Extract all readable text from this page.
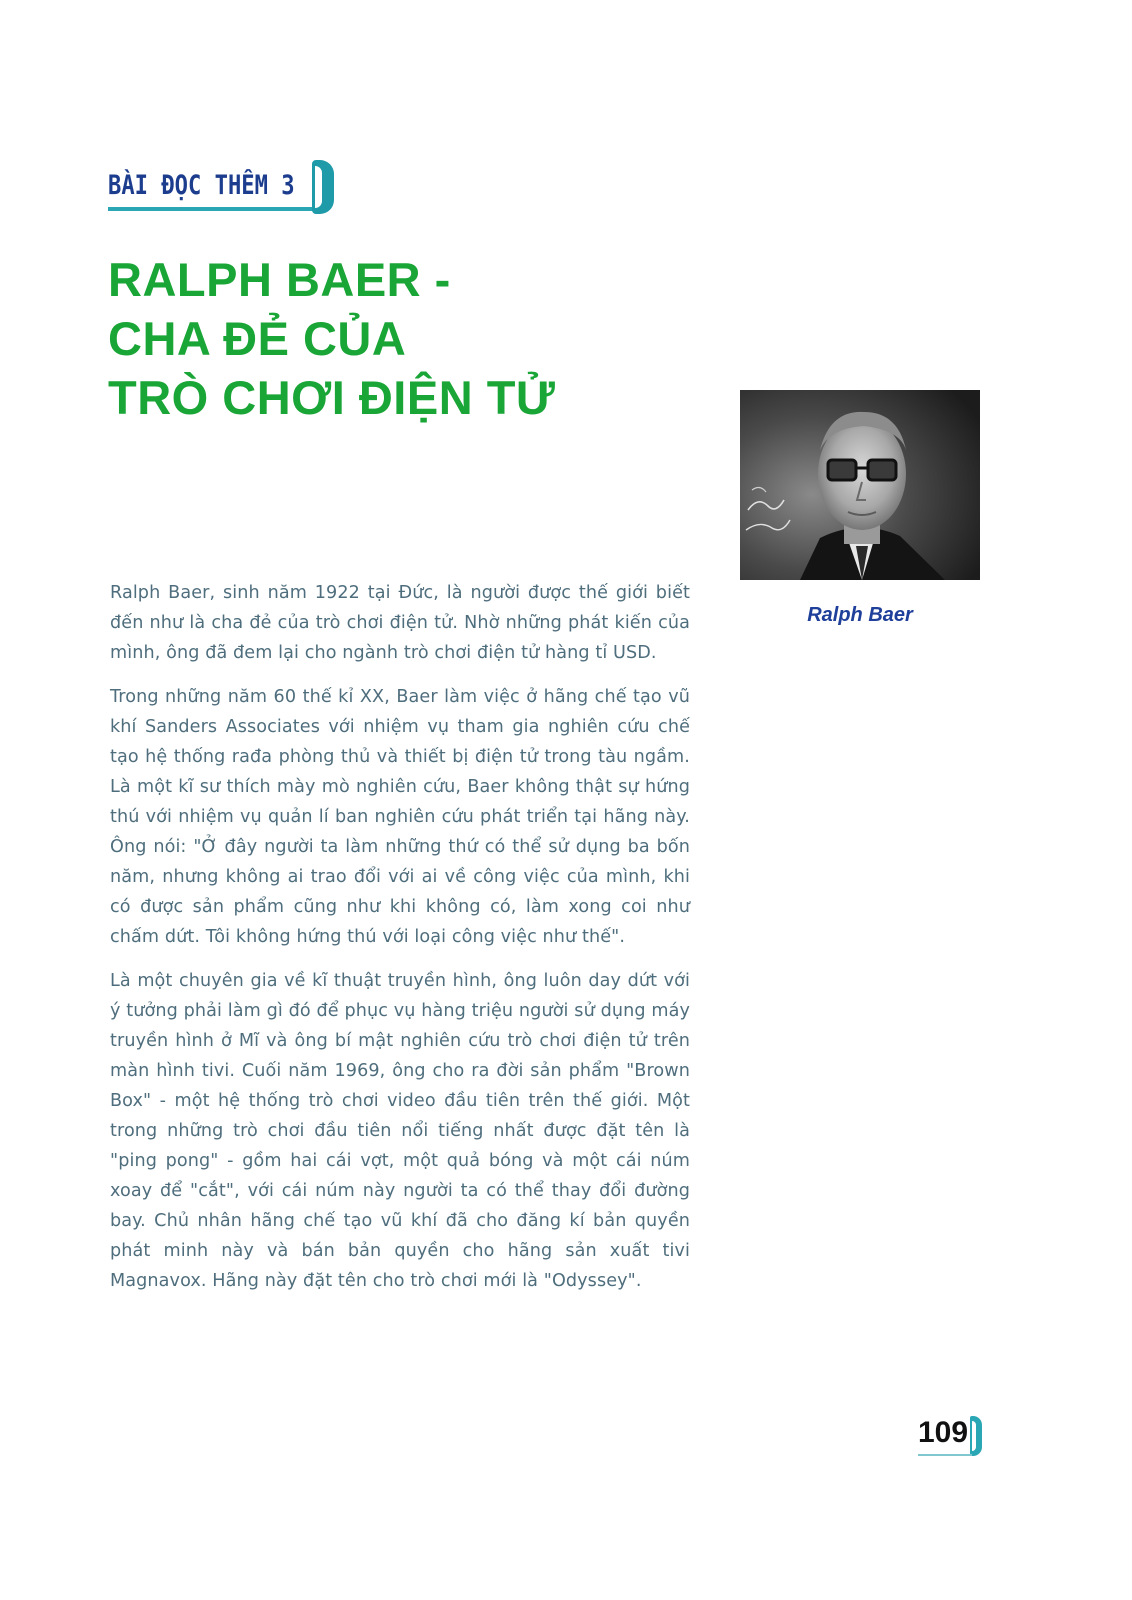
BÀI ĐỌC THÊM 3
RALPH BAER -
CHA ĐẺ CỦA
TRÒ CHƠI ĐIỆN TỬ
Ralph Baer

Ralph Baer, sinh năm 1922 tại Đức, là người được thế giới biết đến như là cha đẻ của trò chơi điện tử. Nhờ những phát kiến của mình, ông đã đem lại cho ngành trò chơi điện tử hàng tỉ USD.

Trong những năm 60 thế kỉ XX, Baer làm việc ở hãng chế tạo vũ khí Sanders Associates với nhiệm vụ tham gia nghiên cứu chế tạo hệ thống rađa phòng thủ và thiết bị điện tử trong tàu ngầm. Là một kĩ sư thích mày mò nghiên cứu, Baer không thật sự hứng thú với nhiệm vụ quản lí ban nghiên cứu phát triển tại hãng này. Ông nói: "Ở đây người ta làm những thứ có thể sử dụng ba bốn năm, nhưng không ai trao đổi với ai về công việc của mình, khi có được sản phẩm cũng như khi không có, làm xong coi như chấm dứt. Tôi không hứng thú với loại công việc như thế".

Là một chuyên gia về kĩ thuật truyền hình, ông luôn day dứt với ý tưởng phải làm gì đó để phục vụ hàng triệu người sử dụng máy truyền hình ở Mĩ và ông bí mật nghiên cứu trò chơi điện tử trên màn hình tivi. Cuối năm 1969, ông cho ra đời sản phẩm "Brown Box" - một hệ thống trò chơi video đầu tiên trên thế giới. Một trong những trò chơi đầu tiên nổi tiếng nhất được đặt tên là "ping pong" - gồm hai cái vợt, một quả bóng và một cái núm xoay để "cắt", với cái núm này người ta có thể thay đổi đường bay. Chủ nhân hãng chế tạo vũ khí đã cho đăng kí bản quyền phát minh này và bán bản quyền cho hãng sản xuất tivi Magnavox. Hãng này đặt tên cho trò chơi mới là "Odyssey".

109
